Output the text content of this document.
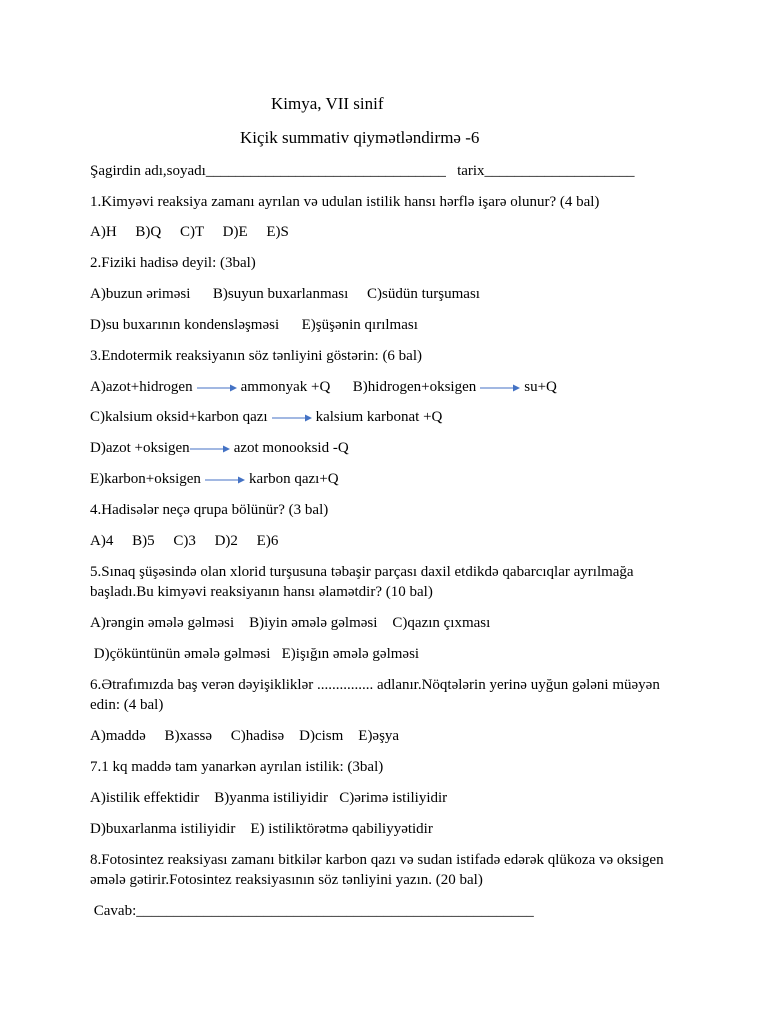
Kimya, VII sinif
Kiçik summativ qiymətləndirmə -6
Şagirdin adı,soyadı________________________________   tarix____________________
1.Kimyəvi reaksiya zamanı ayrılan və udulan istilik hansı hərflə işarə olunur? (4 bal)
A)H     B)Q     C)T     D)E     E)S
2.Fiziki hadisə deyil: (3bal)
A)buzun əriməsi      B)suyun buxarlanması     C)südün turşuması
D)su buxarının kondensləşməsi      E)şüşənin qırılması
3.Endotermik reaksiyanın söz tənliyini göstərin: (6 bal)
A)azot+hidrogen → ammonyak +Q      B)hidrogen+oksigen → su+Q
C)kalsium oksid+karbon qazı → kalsium karbonat +Q
D)azot +oksigen→ azot monooksid -Q
E)karbon+oksigen → karbon qazı+Q
4.Hadisələr neçə qrupa bölünür? (3 bal)
A)4     B)5     C)3     D)2     E)6
5.Sınaq şüşəsində olan xlorid turşusuna təbaşir parçası daxil etdikdə qabarcıqlar ayrılmağa
başladı.Bu kimyəvi reaksiyanın hansı əlamətdir? (10 bal)
A)rəngin əmələ gəlməsi    B)iyin əmələ gəlməsi    C)qazın çıxması
D)çöküntünün əmələ gəlməsi   E)işığın əmələ gəlməsi
6.Ətrafımızda baş verən dəyişikliklər ............... adlanır.Nöqtələrin yerinə uyğun gələni müəyən
edin: (4 bal)
A)maddə     B)xassə     C)hadisə    D)cism    E)əşya
7.1 kq maddə tam yanarkən ayrılan istilik: (3bal)
A)istilik effektidir    B)yanma istiliyidir   C)ərimə istiliyidir
D)buxarlanma istiliyidir    E) istiliktörətmə qabiliyyətidir
8.Fotosintez reaksiyası zamanı bitkilər karbon qazı və sudan istifadə edərək qlükoza və oksigen
əmələ gətirir.Fotosintez reaksiyasının söz tənliyini yazın. (20 bal)
Cavab:_____________________________________________________
